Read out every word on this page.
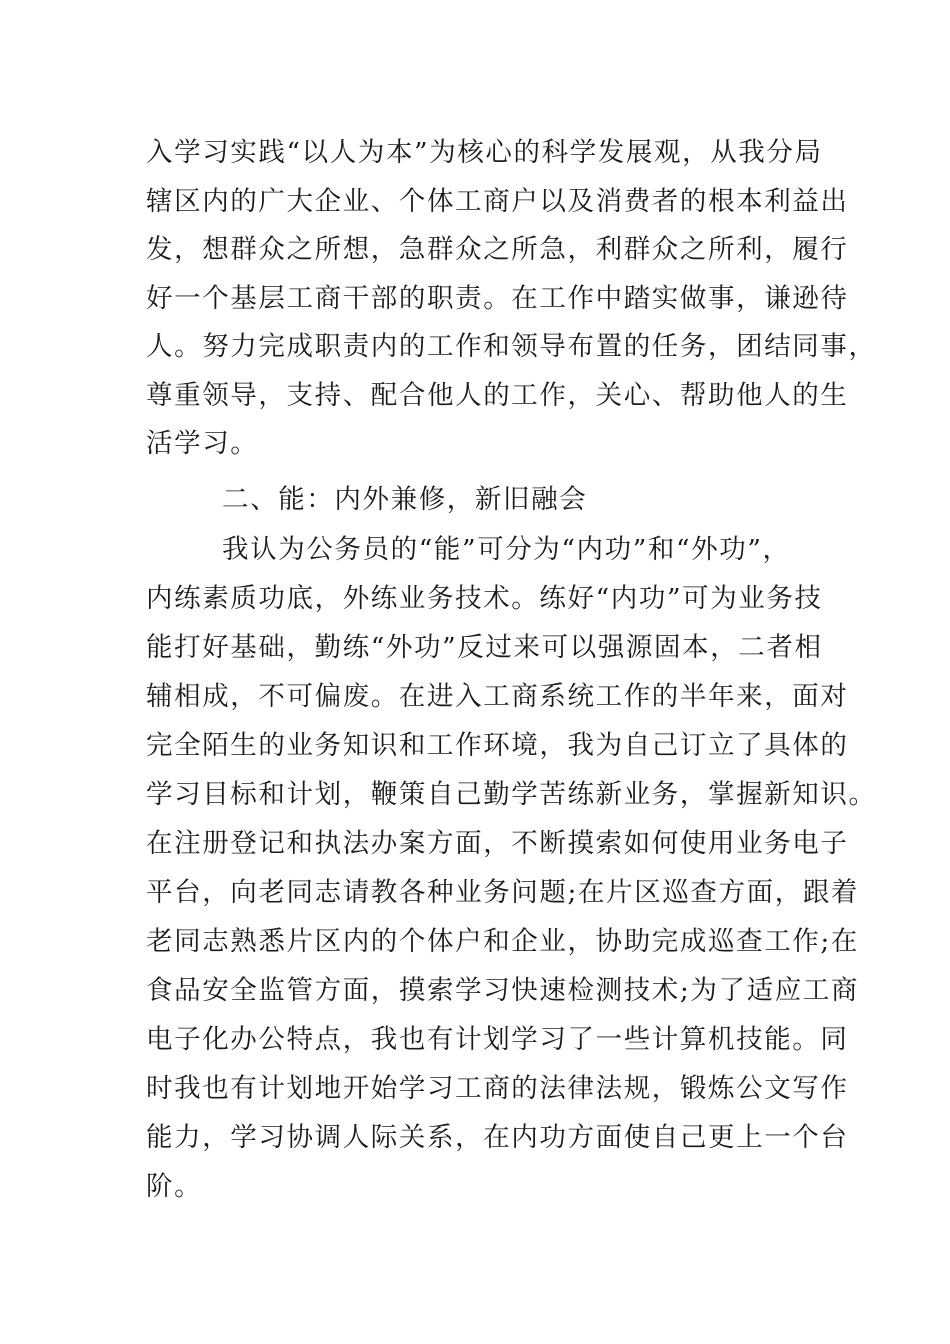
入学习实践“以人为本”为核心的科学发展观，从我分局
辖区内的广大企业、个体工商户以及消费者的根本利益出
发，想群众之所想，急群众之所急，利群众之所利，履行
好一个基层工商干部的职责。在工作中踏实做事，谦逊待
人。努力完成职责内的工作和领导布置的任务，团结同事，
尊重领导，支持、配合他人的工作，关心、帮助他人的生
活学习。
二、能：内外兼修，新旧融会
我认为公务员的“能”可分为“内功”和“外功”，
内练素质功底，外练业务技术。练好“内功”可为业务技
能打好基础，勤练“外功”反过来可以强源固本，二者相
辅相成，不可偏废。在进入工商系统工作的半年来，面对
完全陌生的业务知识和工作环境，我为自己订立了具体的
学习目标和计划，鞭策自己勤学苦练新业务，掌握新知识。
在注册登记和执法办案方面，不断摸索如何使用业务电子
平台，向老同志请教各种业务问题;在片区巡查方面，跟着
老同志熟悉片区内的个体户和企业，协助完成巡查工作;在
食品安全监管方面，摸索学习快速检测技术;为了适应工商
电子化办公特点，我也有计划学习了一些计算机技能。同
时我也有计划地开始学习工商的法律法规，锻炼公文写作
能力，学习协调人际关系，在内功方面使自己更上一个台
阶。
